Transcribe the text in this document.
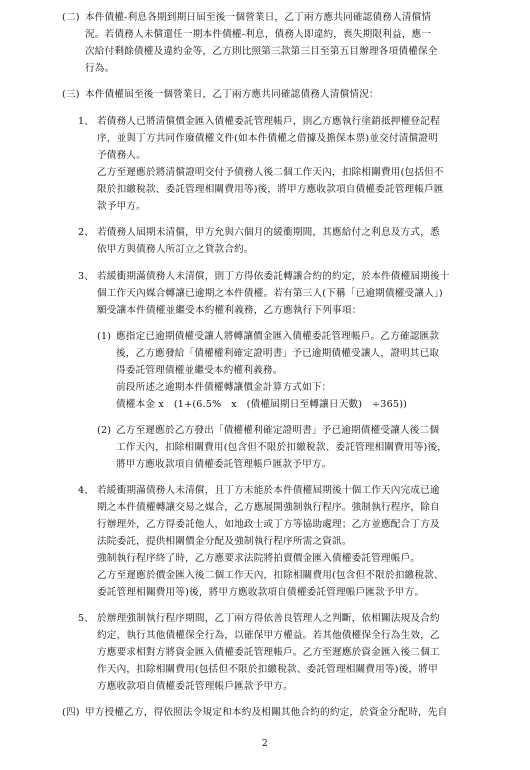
(二) 本件債權-利息各期到期日屆至後一個營業日，乙丁兩方應共同確認債務人清償情
況。若債務人未償還任一期本件債權-利息，債務人即違約，喪失期限利益，應一
次給付剩餘債權及違約金等，乙方則比照第三款第三目至第五目辦理各項債權保全
行為。
(三) 本件債權屆至後一個營業日，乙丁兩方應共同確認債務人清償情況：
1、 若債務人已將清償價金匯入債權委託管理帳戶，則乙方應執行塗銷抵押權登記程
序，並與丁方共同作廢債權文件(如本件債權之借據及擔保本票)並交付清償證明
予債務人。
乙方至遲應於將清償證明交付予債務人後二個工作天內，扣除相關費用(包括但不
限於扣繳稅款、委託管理相關費用等)後，將甲方應收款項自債權委託管理帳戶匯
款予甲方。
2、 若債務人屆期未清償，甲方允與六個月的緩衝期間，其應給付之利息及方式，悉
依甲方與債務人所訂立之貸款合約。
3、 若緩衝期滿債務人未清償，則丁方得依委託轉讓合約的約定，於本件債權屆期後十
個工作天內媒合轉讓已逾期之本件債權。若有第三人(下稱「已逾期債權受讓人」)
願受讓本件債權並繼受本約權利義務，乙方應執行下列事項：
(1) 應指定已逾期債權受讓人將轉讓價金匯入債權委託管理帳戶。乙方確認匯款
後，乙方應發給「債權權利確定證明書」予已逾期債權受讓人，證明其已取
得委託管理債權並繼受本約權利義務。
前段所述之逾期本件債權轉讓價金計算方式如下：
債權本金 x　(1+(6.5%　x　(債權屆期日至轉讓日天數)　÷365))
(2) 乙方至遲應於乙方發出「債權權利確定證明書」予已逾期債權受讓人後二個
工作天內，扣除相關費用(包含但不限於扣繳稅款、委託管理相關費用等)後，
將甲方應收款項自債權委託管理帳戶匯款予甲方。
4、 若緩衝期滿債務人未清償，且丁方未能於本件債權屆期後十個工作天內完成已逾
期之本件債權轉讓交易之媒合，乙方應展開強制執行程序。強制執行程序，除自
行辦理外，乙方得委託他人，如地政士或丁方等協助處理；乙方並應配合丁方及
法院委託，提供相關價金分配及強制執行程序所需之資訊。
強制執行程序終了時，乙方應要求法院將拍賣價金匯入債權委託管理帳戶。
乙方至遲應於價金匯入後二個工作天內，扣除相關費用(包含但不限於扣繳稅款、
委託管理相關費用等)後，將甲方應收款項自債權委託管理帳戶匯款予甲方。
5、 於辦理強制執行程序期間，乙丁兩方得依善良管理人之判斷，依相關法規及合約
約定，執行其他債權保全行為，以確保甲方權益。若其他債權保全行為生效，乙
方應要求相對方將資金匯入債權委託管理帳戶。乙方至遲應於資金匯入後二個工
作天內，扣除相關費用(包括但不限於扣繳稅款、委託管理相關費用等)後，將甲
方應收款項自債權委託管理帳戶匯款予甲方。
(四) 甲方授權乙方，得依照法令規定和本約及相關其他合約的約定，於資金分配時，先自
2
